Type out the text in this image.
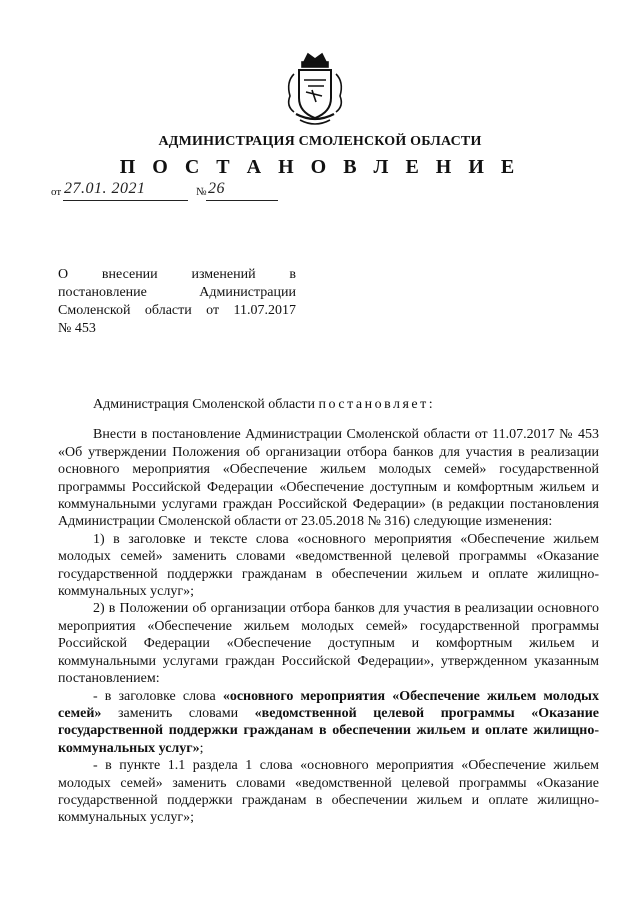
АДМИНИСТРАЦИЯ СМОЛЕНСКОЙ ОБЛАСТИ
П О С Т А Н О В Л Е Н И Е
от 27.01. 2021	№ 26
О внесении изменений в
постановление Администрации
Смоленской области от 11.07.2017
№ 453

Администрация Смоленской области постановляет:

Внести в постановление Администрации Смоленской области от 11.07.2017 № 453 «Об утверждении Положения об организации отбора банков для участия в реализации основного мероприятия «Обеспечение жильем молодых семей» государственной программы Российской Федерации «Обеспечение доступным и комфортным жильем и коммунальными услугами граждан Российской Федерации» (в редакции постановления Администрации Смоленской области от 23.05.2018 № 316) следующие изменения:

1) в заголовке и тексте слова «основного мероприятия «Обеспечение жильем молодых семей» заменить словами «ведомственной целевой программы «Оказание государственной поддержки гражданам в обеспечении жильем и оплате жилищно-коммунальных услуг»;

2) в Положении об организации отбора банков для участия в реализации основного мероприятия «Обеспечение жильем молодых семей» государственной программы Российской Федерации «Обеспечение доступным и комфортным жильем и коммунальными услугами граждан Российской Федерации», утвержденном указанным постановлением:

- в заголовке слова «основного мероприятия «Обеспечение жильем молодых семей» заменить словами «ведомственной целевой программы «Оказание государственной поддержки гражданам в обеспечении жильем и оплате жилищно-коммунальных услуг»;

- в пункте 1.1 раздела 1 слова «основного мероприятия «Обеспечение жильем молодых семей» заменить словами «ведомственной целевой программы «Оказание государственной поддержки гражданам в обеспечении жильем и оплате жилищно-коммунальных услуг»;
